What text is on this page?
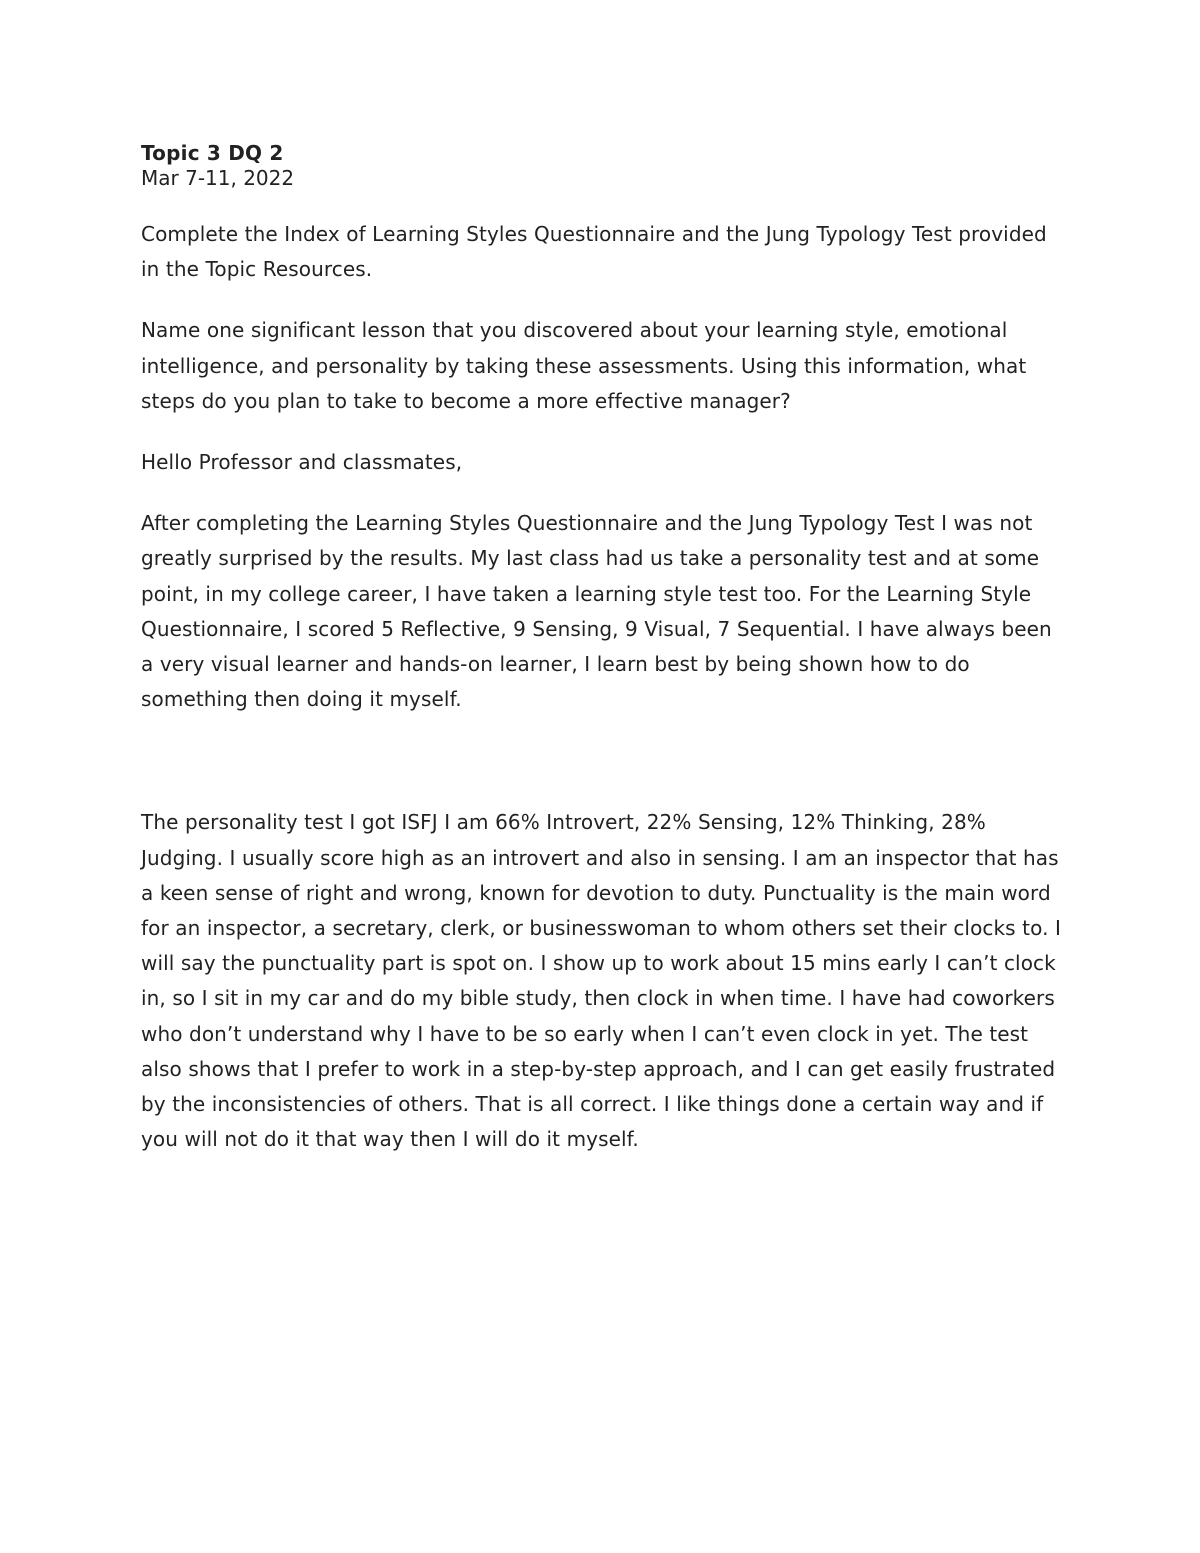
Topic 3 DQ 2
Mar 7-11, 2022

Complete the Index of Learning Styles Questionnaire and the Jung Typology Test provided in the Topic Resources.

Name one significant lesson that you discovered about your learning style, emotional intelligence, and personality by taking these assessments. Using this information, what steps do you plan to take to become a more effective manager?

Hello Professor and classmates,

After completing the Learning Styles Questionnaire and the Jung Typology Test I was not greatly surprised by the results. My last class had us take a personality test and at some point, in my college career, I have taken a learning style test too. For the Learning Style Questionnaire, I scored 5 Reflective, 9 Sensing, 9 Visual, 7 Sequential. I have always been a very visual learner and hands-on learner, I learn best by being shown how to do something then doing it myself.

The personality test I got ISFJ I am 66% Introvert, 22% Sensing, 12% Thinking, 28% Judging. I usually score high as an introvert and also in sensing. I am an inspector that has a keen sense of right and wrong, known for devotion to duty. Punctuality is the main word for an inspector, a secretary, clerk, or businesswoman to whom others set their clocks to. I will say the punctuality part is spot on. I show up to work about 15 mins early I can’t clock in, so I sit in my car and do my bible study, then clock in when time. I have had coworkers who don’t understand why I have to be so early when I can’t even clock in yet. The test also shows that I prefer to work in a step-by-step approach, and I can get easily frustrated by the inconsistencies of others. That is all correct. I like things done a certain way and if you will not do it that way then I will do it myself.
